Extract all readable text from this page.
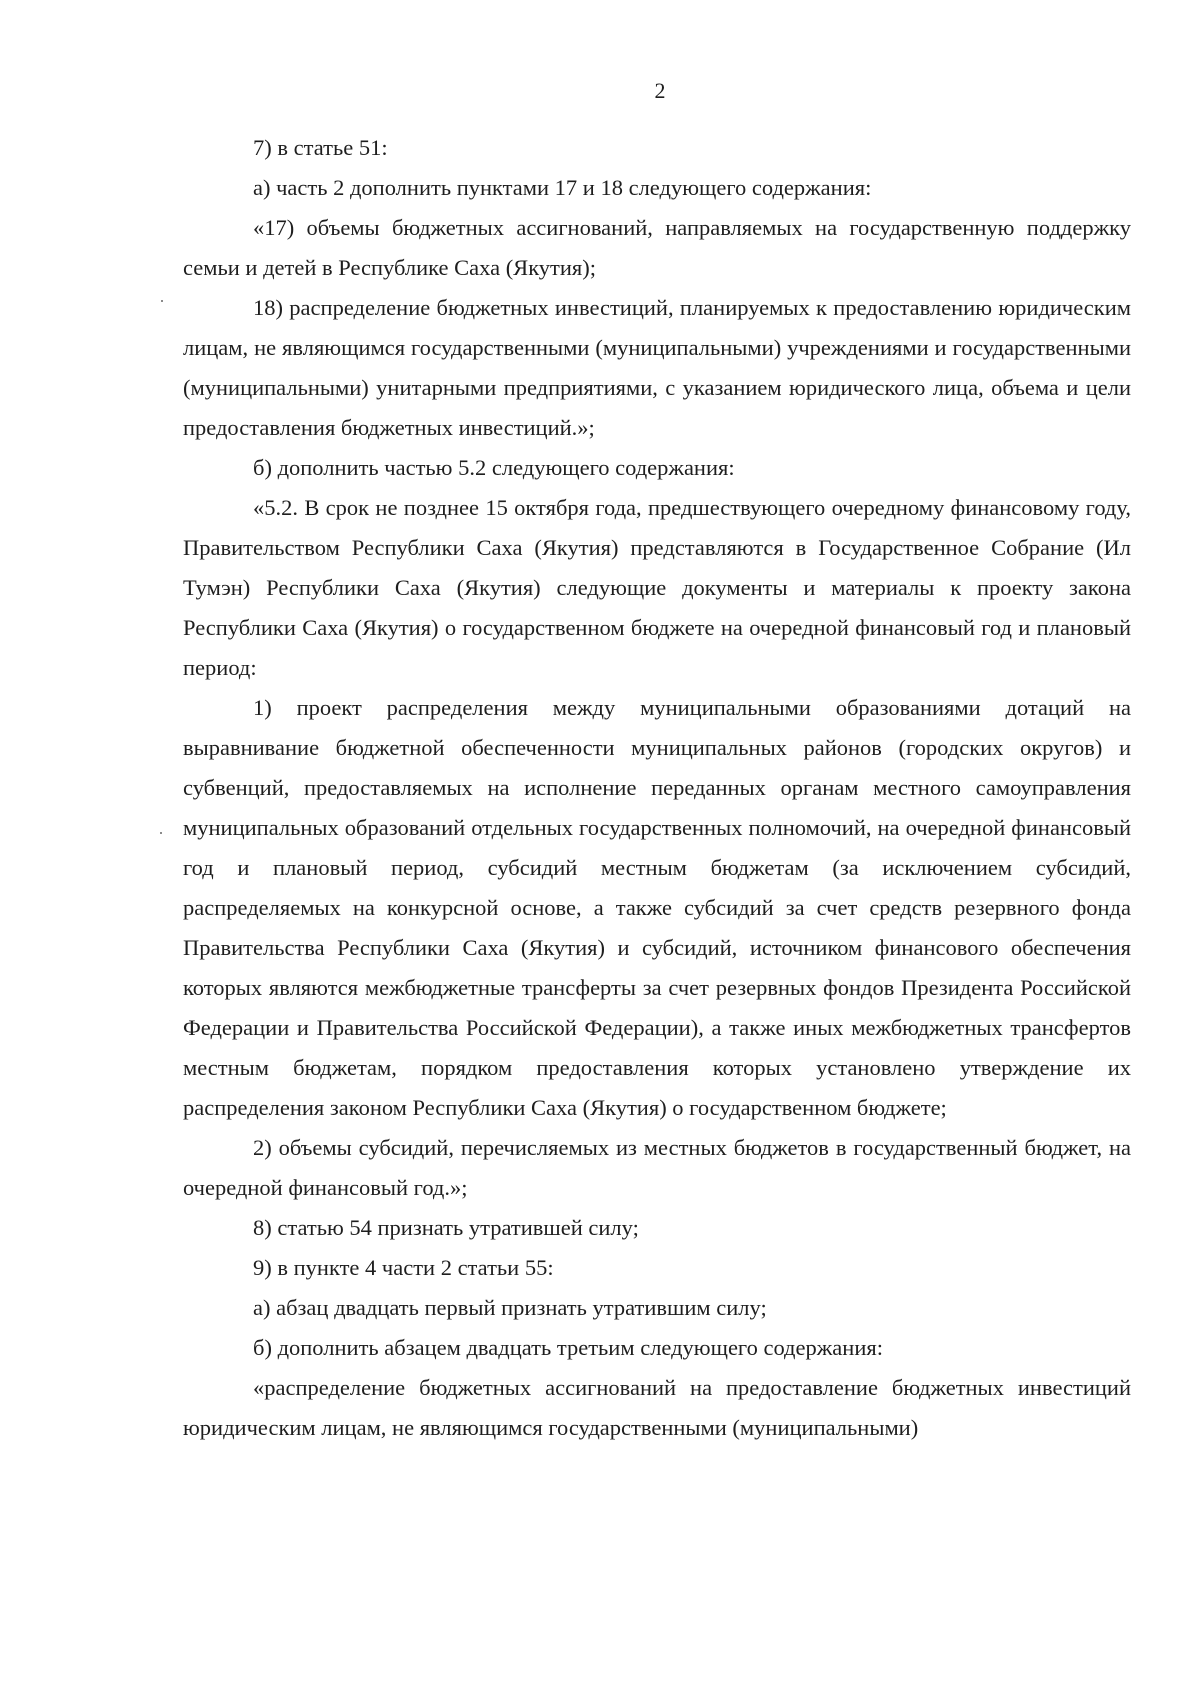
2

7) в статье 51:

а) часть 2 дополнить пунктами 17 и 18 следующего содержания:

«17) объемы бюджетных ассигнований, направляемых на государственную поддержку семьи и детей в Республике Саха (Якутия);

18) распределение бюджетных инвестиций, планируемых к предоставлению юридическим лицам, не являющимся государственными (муниципальными) учреждениями и государственными (муниципальными) унитарными предприятиями, с указанием юридического лица, объема и цели предоставления бюджетных инвестиций.»;

б) дополнить частью 5.2 следующего содержания:

«5.2. В срок не позднее 15 октября года, предшествующего очередному финансовому году, Правительством Республики Саха (Якутия) представляются в Государственное Собрание (Ил Тумэн) Республики Саха (Якутия) следующие документы и материалы к проекту закона Республики Саха (Якутия) о государственном бюджете на очередной финансовый год и плановый период:

1) проект распределения между муниципальными образованиями дотаций на выравнивание бюджетной обеспеченности муниципальных районов (городских округов) и субвенций, предоставляемых на исполнение переданных органам местного самоуправления муниципальных образований отдельных государственных полномочий, на очередной финансовый год и плановый период, субсидий местным бюджетам (за исключением субсидий, распределяемых на конкурсной основе, а также субсидий за счет средств резервного фонда Правительства Республики Саха (Якутия) и субсидий, источником финансового обеспечения которых являются межбюджетные трансферты за счет резервных фондов Президента Российской Федерации и Правительства Российской Федерации), а также иных межбюджетных трансфертов местным бюджетам, порядком предоставления которых установлено утверждение их распределения законом Республики Саха (Якутия) о государственном бюджете;

2) объемы субсидий, перечисляемых из местных бюджетов в государственный бюджет, на очередной финансовый год.»;

8) статью 54 признать утратившей силу;

9) в пункте 4 части 2 статьи 55:

а) абзац двадцать первый признать утратившим силу;

б) дополнить абзацем двадцать третьим следующего содержания:

«распределение бюджетных ассигнований на предоставление бюджетных инвестиций юридическим лицам, не являющимся государственными (муниципальными)
